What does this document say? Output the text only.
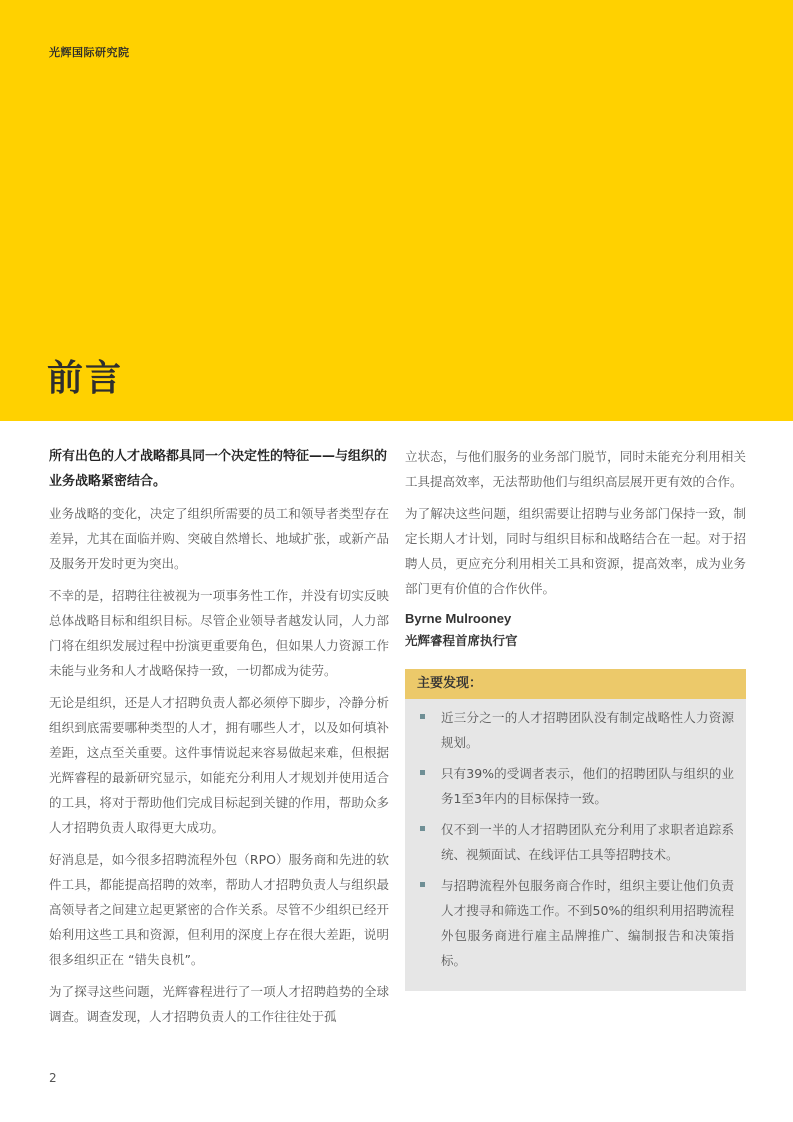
光辉国际研究院
前言

所有出色的人才战略都具同一个决定性的特征——与组织的业务战略紧密结合。

业务战略的变化，决定了组织所需要的员工和领导者类型存在差异，尤其在面临并购、突破自然增长、地域扩张，或新产品及服务开发时更为突出。

不幸的是，招聘往往被视为一项事务性工作，并没有切实反映总体战略目标和组织目标。尽管企业领导者越发认同，人力部门将在组织发展过程中扮演更重要角色，但如果人力资源工作未能与业务和人才战略保持一致，一切都成为徒劳。

无论是组织，还是人才招聘负责人都必须停下脚步，冷静分析组织到底需要哪种类型的人才，拥有哪些人才，以及如何填补差距，这点至关重要。这件事情说起来容易做起来难，但根据光辉睿程的最新研究显示，如能充分利用人才规划并使用适合的工具，将对于帮助他们完成目标起到关键的作用，帮助众多人才招聘负责人取得更大成功。

好消息是，如今很多招聘流程外包（RPO）服务商和先进的软件工具，都能提高招聘的效率，帮助人才招聘负责人与组织最高领导者之间建立起更紧密的合作关系。尽管不少组织已经开始利用这些工具和资源，但利用的深度上存在很大差距，说明很多组织正在 “错失良机”。

为了探寻这些问题，光辉睿程进行了一项人才招聘趋势的全球调查。调查发现，人才招聘负责人的工作往往处于孤

立状态，与他们服务的业务部门脱节，同时未能充分利用相关工具提高效率，无法帮助他们与组织高层展开更有效的合作。

为了解决这些问题，组织需要让招聘与业务部门保持一致，制定长期人才计划，同时与组织目标和战略结合在一起。对于招聘人员，更应充分利用相关工具和资源，提高效率，成为业务部门更有价值的合作伙伴。

Byrne Mulrooney

光辉睿程首席执行官

主要发现：
近三分之一的人才招聘团队没有制定战略性人力资源规划。
只有39%的受调者表示，他们的招聘团队与组织的业务1至3年内的目标保持一致。
仅不到一半的人才招聘团队充分利用了求职者追踪系统、视频面试、在线评估工具等招聘技术。
与招聘流程外包服务商合作时，组织主要让他们负责人才搜寻和筛选工作。不到50%的组织利用招聘流程外包服务商进行雇主品牌推广、编制报告和决策指标。
2
